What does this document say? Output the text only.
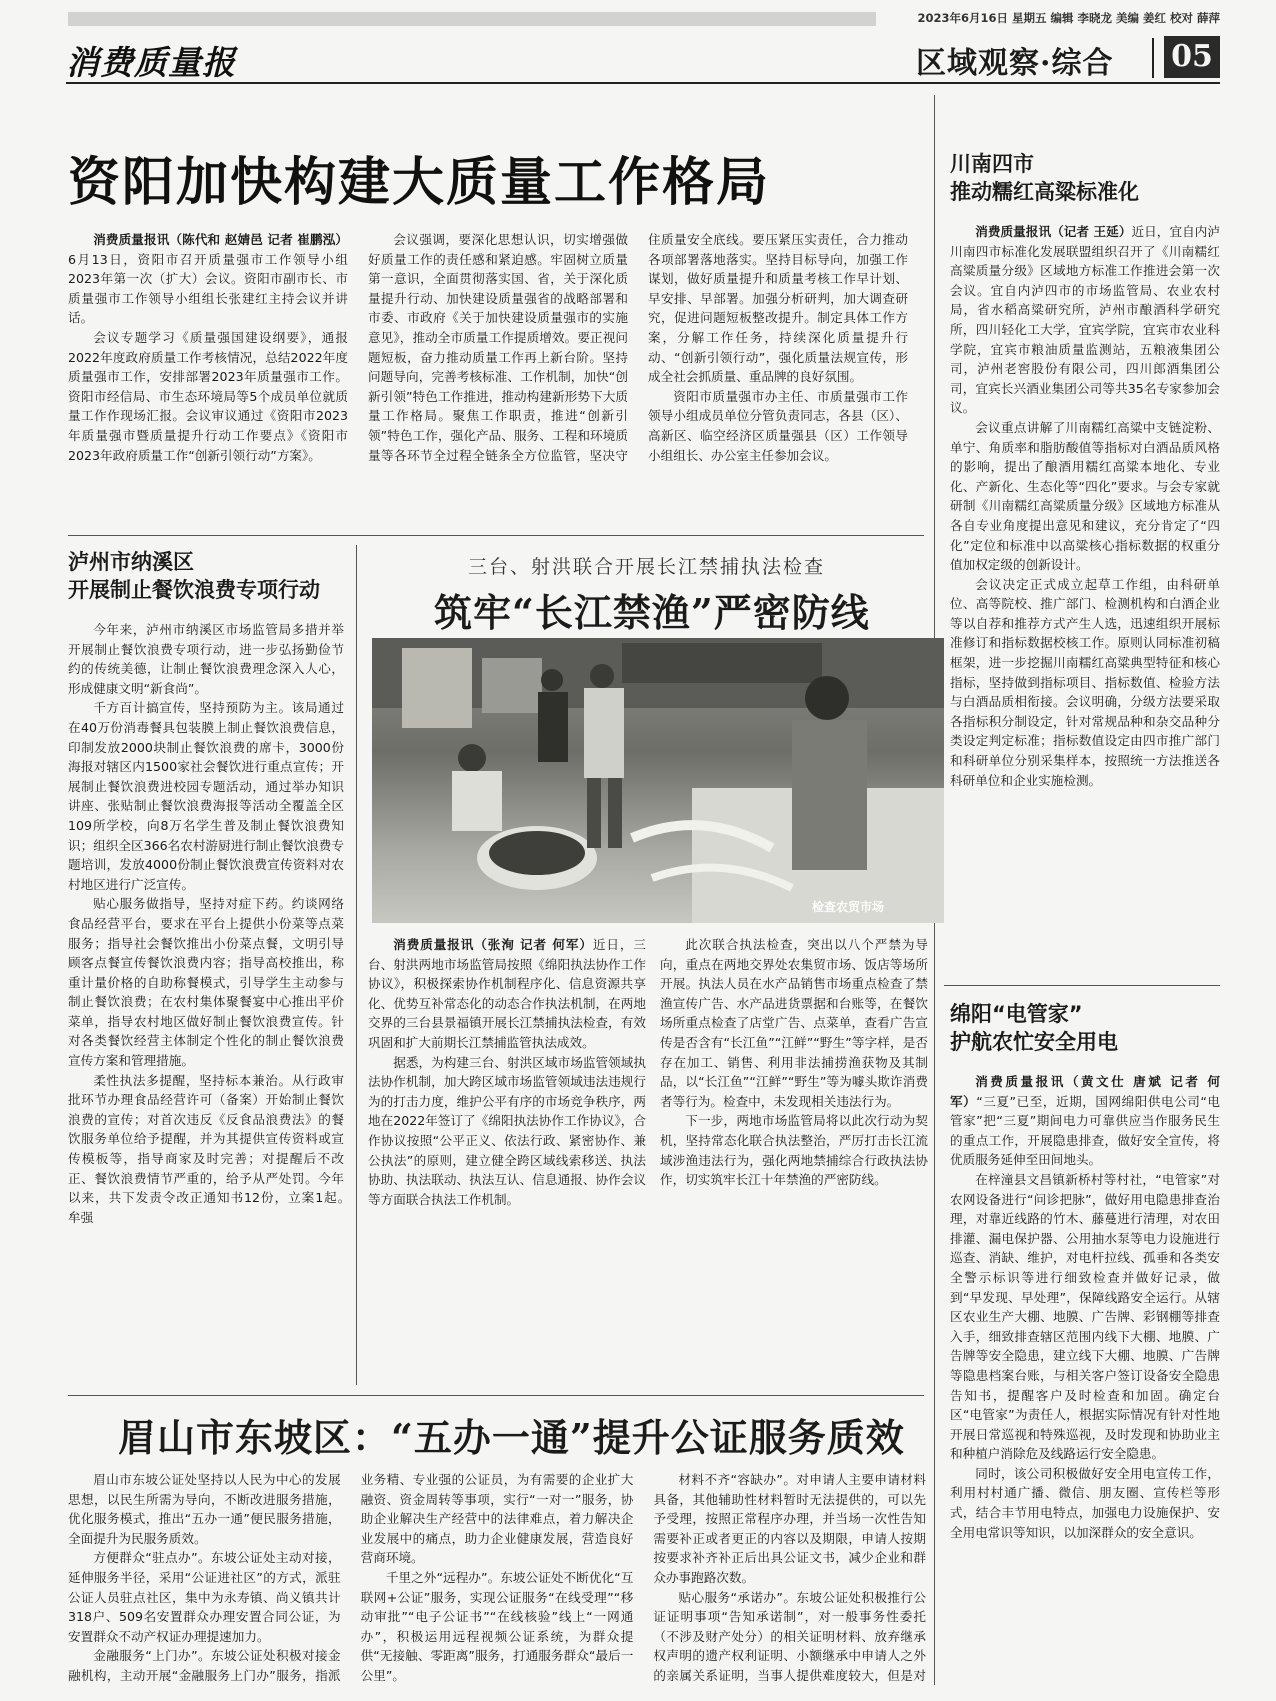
2023年6月16日 星期五 编辑 李晓龙 美编 姜红 校对 薛萍
消费质量报	区域观察·综合 05
资阳加快构建大质量工作格局

消费质量报讯（陈代和 赵婧邑 记者 崔鹏泓）6月13日，资阳市召开质量强市工作领导小组2023年第一次（扩大）会议。资阳市副市长、市质量强市工作领导小组组长张建红主持会议并讲话。

会议专题学习《质量强国建设纲要》，通报2022年度政府质量工作考核情况，总结2022年度质量强市工作，安排部署2023年质量强市工作。资阳市经信局、市生态环境局等5个成员单位就质量工作作现场汇报。会议审议通过《资阳市2023年质量强市暨质量提升行动工作要点》《资阳市2023年政府质量工作“创新引领行动”方案》。

会议强调，要深化思想认识，切实增强做好质量工作的责任感和紧迫感。牢固树立质量第一意识，全面贯彻落实国、省，关于深化质量提升行动、加快建设质量强省的战略部署和市委、市政府《关于加快建设质量强市的实施意见》，推动全市质量工作提质增效。要正视问题短板，奋力推动质量工作再上新台阶。坚持问题导向，完善考核标准、工作机制，加快“创新引领”特色工作推进，推动构建新形势下大质量工作格局。聚焦工作职责，推进“创新引领”特色工作，强化产品、服务、工程和环境质量等各环节全过程全链条全方位监管，坚决守住质量安全底线。要压紧压实责任，合力推动各项部署落地落实。坚持目标导向，加强工作谋划，做好质量提升和质量考核工作早计划、早安排、早部署。加强分析研判，加大调查研究，促进问题短板整改提升。制定具体工作方案，分解工作任务，持续深化质量提升行动、“创新引领行动”，强化质量法规宣传，形成全社会抓质量、重品牌的良好氛围。

资阳市质量强市办主任、市质量强市工作领导小组成员单位分管负责同志，各县（区）、高新区、临空经济区质量强县（区）工作领导小组组长、办公室主任参加会议。

川南四市
推动糯红高粱标准化

消费质量报讯（记者 王延）近日，宜自内泸川南四市标准化发展联盟组织召开了《川南糯红高粱质量分级》区域地方标准工作推进会第一次会议。宜自内泸四市的市场监管局、农业农村局，省水稻高粱研究所，泸州市酿酒科学研究所，四川轻化工大学，宜宾学院，宜宾市农业科学院，宜宾市粮油质量监测站，五粮液集团公司，泸州老窖股份有限公司，四川郎酒集团公司，宜宾长兴酒业集团公司等共35名专家参加会议。

会议重点讲解了川南糯红高粱中支链淀粉、单宁、角质率和脂肪酸值等指标对白酒品质风格的影响，提出了酿酒用糯红高粱本地化、专业化、产新化、生态化等“四化”要求。与会专家就研制《川南糯红高粱质量分级》区域地方标准从各自专业角度提出意见和建议，充分肯定了“四化”定位和标准中以高粱核心指标数据的权重分值加权定级的创新设计。

会议决定正式成立起草工作组，由科研单位、高等院校、推广部门、检测机构和白酒企业等以自荐和推荐方式产生人选，迅速组织开展标准修订和指标数据校核工作。原则认同标准初稿框架，进一步挖掘川南糯红高粱典型特征和核心指标，坚持做到指标项目、指标数值、检验方法与白酒品质相衔接。会议明确，分级方法要采取各指标积分制设定，针对常规品种和杂交品种分类设定判定标准；指标数值设定由四市推广部门和科研单位分别采集样本，按照统一方法推送各科研单位和企业实施检测。

绵阳“电管家”
护航农忙安全用电

消费质量报讯（黄文仕 唐斌 记者 何军）“三夏”已至，近期，国网绵阳供电公司“电管家”把“三夏”期间电力可靠供应当作服务民生的重点工作，开展隐患排查，做好安全宣传，将优质服务延伸至田间地头。

在梓潼县文昌镇新桥村等村社，“电管家”对农网设备进行“问诊把脉”，做好用电隐患排查治理，对靠近线路的竹木、藤蔓进行清理，对农田排灌、漏电保护器、公用抽水泵等电力设施进行巡查、消缺、维护，对电杆拉线、孤垂和各类安全警示标识等进行细致检查并做好记录，做到“早发现、早处理”，保障线路安全运行。从辖区农业生产大棚、地膜、广告牌、彩钢棚等排查入手，细致排查辖区范围内线下大棚、地膜、广告牌等安全隐患，建立线下大棚、地膜、广告牌等隐患档案台账，与相关客户签订设备安全隐患告知书，提醒客户及时检查和加固。确定台区“电管家”为责任人，根据实际情况有针对性地开展日常巡视和特殊巡视，及时发现和协助业主和种植户消除危及线路运行安全隐患。

同时，该公司积极做好安全用电宣传工作，利用村村通广播、微信、朋友圈、宣传栏等形式，结合丰节用电特点，加强电力设施保护、安全用电常识等知识，以加深群众的安全意识。

泸州市纳溪区
开展制止餐饮浪费专项行动

今年来，泸州市纳溪区市场监管局多措并举开展制止餐饮浪费专项行动，进一步弘扬勤俭节约的传统美德，让制止餐饮浪费理念深入人心，形成健康文明“新食尚”。

千方百计搞宣传，坚持预防为主。该局通过在40万份消毒餐具包装膜上制止餐饮浪费信息，印制发放2000块制止餐饮浪费的席卡，3000份海报对辖区内1500家社会餐饮进行重点宣传；开展制止餐饮浪费进校园专题活动，通过举办知识讲座、张贴制止餐饮浪费海报等活动全覆盖全区109所学校，向8万名学生普及制止餐饮浪费知识；组织全区366名农村游厨进行制止餐饮浪费专题培训，发放4000份制止餐饮浪费宣传资料对农村地区进行广泛宣传。

贴心服务做指导，坚持对症下药。约谈网络食品经营平台，要求在平台上提供小份菜等点菜服务；指导社会餐饮推出小份菜点餐，文明引导顾客点餐宣传餐饮浪费内容；指导高校推出，称重计量价格的自助称餐模式，引导学生主动参与制止餐饮浪费；在农村集体聚餐宴中心推出平价菜单，指导农村地区做好制止餐饮浪费宣传。针对各类餐饮经营主体制定个性化的制止餐饮浪费宣传方案和管理措施。

柔性执法多提醒，坚持标本兼治。从行政审批环节办理食品经营许可（备案）开始制止餐饮浪费的宣传；对首次违反《反食品浪费法》的餐饮服务单位给予提醒，并为其提供宣传资料或宣传模板等，指导商家及时完善；对提醒后不改正、餐饮浪费情节严重的，给予从严处罚。今年以来，共下发责令改正通知书12份，立案1起。　牟强

三台、射洪联合开展长江禁捕执法检查
筑牢“长江禁渔”严密防线
检查农贸市场

消费质量报讯（张洵 记者 何军）近日，三台、射洪两地市场监管局按照《绵阳执法协作工作协议》，积极探索协作机制程序化、信息资源共享化、优势互补常态化的动态合作执法机制，在两地交界的三台县景福镇开展长江禁捕执法检查，有效巩固和扩大前期长江禁捕监管执法成效。

据悉，为构建三台、射洪区域市场监管领域执法协作机制，加大跨区域市场监管领域违法违规行为的打击力度，维护公平有序的市场竞争秩序，两地在2022年签订了《绵阳执法协作工作协议》，合作协议按照“公平正义、依法行政、紧密协作、兼公执法”的原则，建立健全跨区域线索移送、执法协助、执法联动、执法互认、信息通报、协作会议等方面联合执法工作机制。

此次联合执法检查，突出以八个严禁为导向，重点在两地交界处农集贸市场、饭店等场所开展。执法人员在水产品销售市场重点检查了禁渔宣传广告、水产品进货票据和台账等，在餐饮场所重点检查了店堂广告、点菜单，查看广告宣传是否含有“长江鱼”“江鲜”“野生”等字样，是否存在加工、销售、利用非法捕捞渔获物及其制品，以“长江鱼”“江鲜”“野生”等为噱头欺诈消费者等行为。检查中，未发现相关违法行为。

下一步，两地市场监管局将以此次行动为契机，坚持常态化联合执法整治，严厉打击长江流域涉渔违法行为，强化两地禁捕综合行政执法协作，切实筑牢长江十年禁渔的严密防线。

眉山市东坡区：“五办一通”提升公证服务质效

眉山市东坡公证处坚持以人民为中心的发展思想，以民生所需为导向，不断改进服务措施，优化服务模式，推出“五办一通”便民服务措施，全面提升为民服务质效。

方便群众“驻点办”。东坡公证处主动对接，延伸服务半径，采用“公证进社区”的方式，派驻公证人员驻点社区，集中为永寿镇、尚义镇共计318户、509名安置群众办理安置合同公证，为安置群众不动产权证办理提速加力。

金融服务“上门办”。东坡公证处积极对接金融机构，主动开展“金融服务上门办”服务，指派业务精、专业强的公证员，为有需要的企业扩大融资、资金周转等事项，实行“一对一”服务，协助企业解决生产经营中的法律难点，着力解决企业发展中的痛点，助力企业健康发展，营造良好营商环境。

千里之外“远程办”。东坡公证处不断优化“互联网+公证”服务，实现公证服务“在线受理”“移动审批”“电子公证书”“在线核验”线上“一网通办”，积极运用远程视频公证系统，为群众提供“无接触、零距离”服务，打通服务群众“最后一公里”。

材料不齐“容缺办”。对申请人主要申请材料具备，其他辅助性材料暂时无法提供的，可以先予受理，按照正常程序办理，并当场一次性告知需要补正或者更正的内容以及期限，申请人按期按要求补齐补正后出具公证文书，减少企业和群众办事跑路次数。

贴心服务“承诺办”。东坡公证处积极推行公证证明事项“告知承诺制”，对一般事务性委托（不涉及财产处分）的相关证明材料、放弃继承权声明的遗产权利证明、小额继承中申请人之外的亲属关系证明，当事人提供难度较大，但是对
